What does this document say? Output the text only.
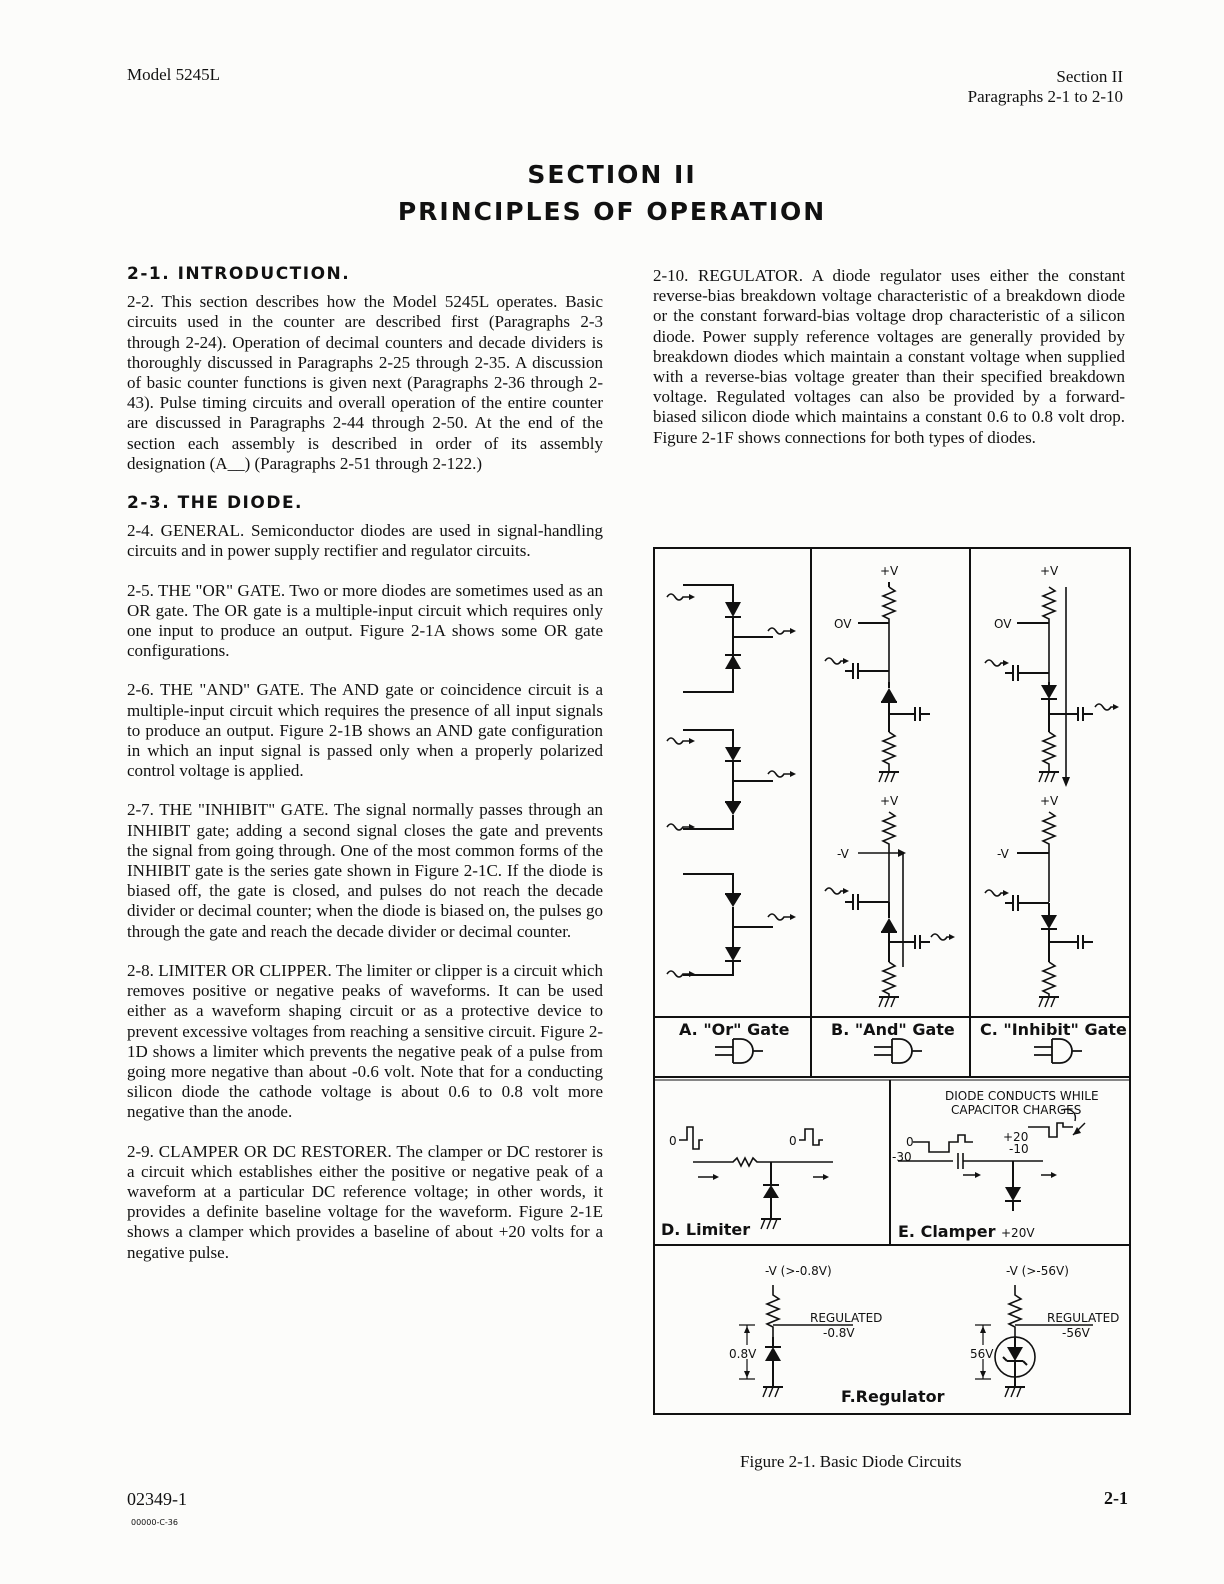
Model 5245L	Section II
Paragraphs 2-1 to 2-10
SECTION II
PRINCIPLES OF OPERATION
2-1. INTRODUCTION.

2-2. This section describes how the Model 5245L operates. Basic circuits used in the counter are described first (Paragraphs 2-3 through 2-24). Operation of decimal counters and decade dividers is thoroughly discussed in Paragraphs 2-25 through 2-35. A discussion of basic counter functions is given next (Paragraphs 2-36 through 2-43). Pulse timing circuits and overall operation of the entire counter are discussed in Paragraphs 2-44 through 2-50. At the end of the section each assembly is described in order of its assembly designation (A__) (Paragraphs 2-51 through 2-122.)

2-3. THE DIODE.

2-4. GENERAL. Semiconductor diodes are used in signal-handling circuits and in power supply rectifier and regulator circuits.

2-5. THE "OR" GATE. Two or more diodes are sometimes used as an OR gate. The OR gate is a multiple-input circuit which requires only one input to produce an output. Figure 2-1A shows some OR gate configurations.

2-6. THE "AND" GATE. The AND gate or coincidence circuit is a multiple-input circuit which requires the presence of all input signals to produce an output. Figure 2-1B shows an AND gate configuration in which an input signal is passed only when a properly polarized control voltage is applied.

2-7. THE "INHIBIT" GATE. The signal normally passes through an INHIBIT gate; adding a second signal closes the gate and prevents the signal from going through. One of the most common forms of the INHIBIT gate is the series gate shown in Figure 2-1C. If the diode is biased off, the gate is closed, and pulses do not reach the decade divider or decimal counter; when the diode is biased on, the pulses go through the gate and reach the decade divider or decimal counter.

2-8. LIMITER OR CLIPPER. The limiter or clipper is a circuit which removes positive or negative peaks of waveforms. It can be used either as a waveform shaping circuit or as a protective device to prevent excessive voltages from reaching a sensitive circuit. Figure 2-1D shows a limiter which prevents the negative peak of a pulse from going more negative than about -0.6 volt. Note that for a conducting silicon diode the cathode voltage is about 0.6 to 0.8 volt more negative than the anode.

2-9. CLAMPER OR DC RESTORER. The clamper or DC restorer is a circuit which establishes either the positive or negative peak of a waveform at a particular DC reference voltage; in other words, it provides a definite baseline voltage for the waveform. Figure 2-1E shows a clamper which provides a baseline of about +20 volts for a negative pulse.

2-10. REGULATOR. A diode regulator uses either the constant reverse-bias breakdown voltage characteristic of a breakdown diode or the constant forward-bias voltage drop characteristic of a silicon diode. Power supply reference voltages are generally provided by breakdown diodes which maintain a constant voltage when supplied with a reverse-bias voltage greater than their specified breakdown voltage. Regulated voltages can also be provided by a forward-biased silicon diode which maintains a constant 0.6 to 0.8 volt drop. Figure 2-1F shows connections for both types of diodes.

A. "Or" Gate	B. "And" Gate C. "Inhibit" Gate
+V
OV
+V
-V
+V
OV
+V
-V
D. Limiter
0	0
E. Clamper +20V
DIODE CONDUCTS WHILE
CAPACITOR CHARGES
0
-30
+20
-10
F.Regulator
-V (>-0.8V)
REGULATED
-0.8V
0.8V
-V (>-56V)
REGULATED
-56V
56V
Figure 2-1. Basic Diode Circuits
02349-1
00000-C-36
2-1
